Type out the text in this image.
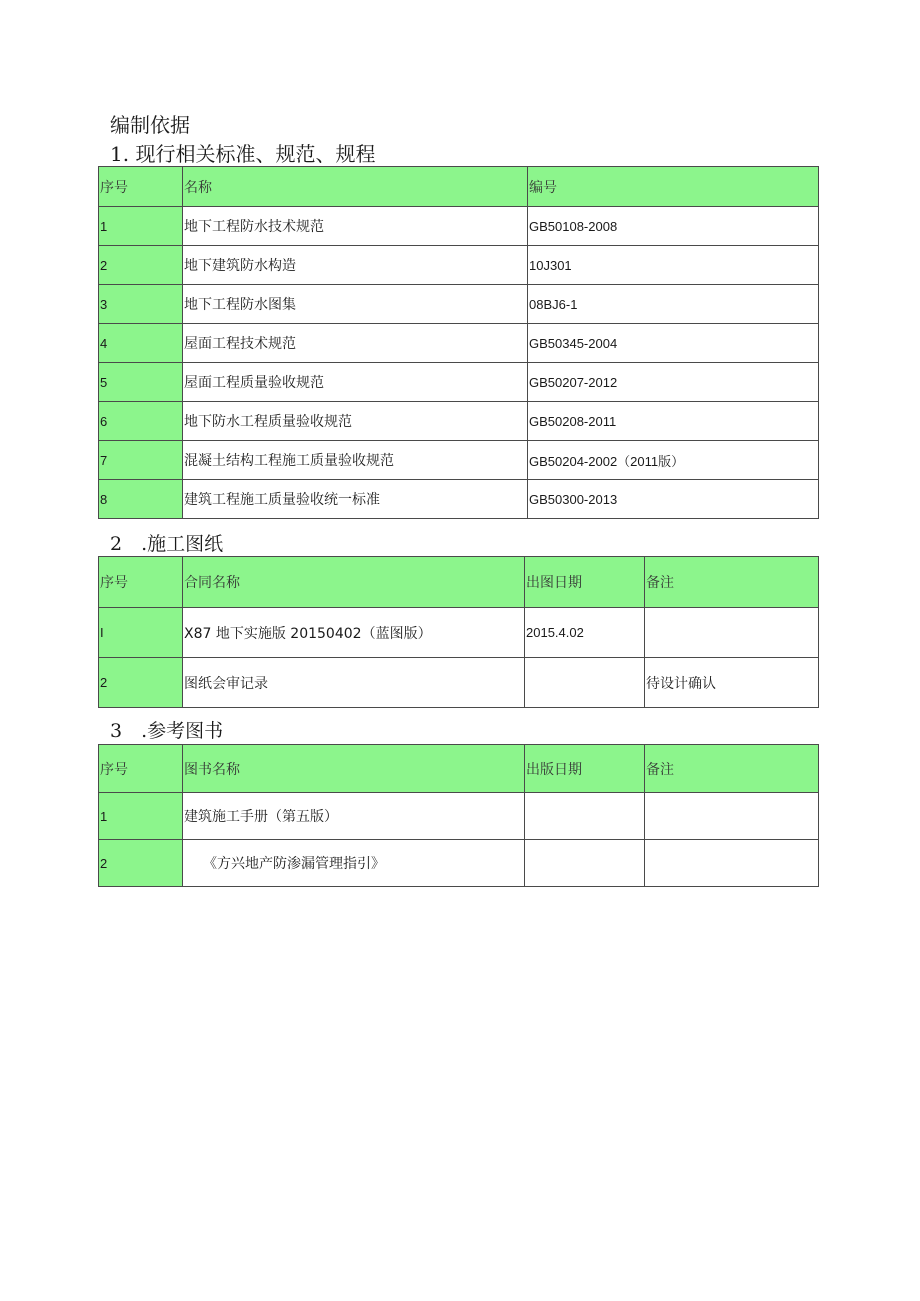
编制依据
1. 现行相关标准、规范、规程
序号	名称	编号
1	地下工程防水技术规范	GB50108-2008
2	地下建筑防水构造	10J301
3	地下工程防水图集	08BJ6-1
4	屋面工程技术规范	GB50345-2004
5	屋面工程质量验收规范	GB50207-2012
6	地下防水工程质量验收规范	GB50208-2011
7	混凝土结构工程施工质量验收规范	GB50204-2002（2011版）
8	建筑工程施工质量验收统一标准	GB50300-2013
2　.施工图纸
序号	合同名称	出图日期	备注
I	X87 地下实施版 20150402（蓝图版）	2015.4.02	
2	图纸会审记录		待设计确认
3　.参考图书
序号	图书名称	出版日期	备注
1	建筑施工手册（第五版）		
2	《方兴地产防渗漏管理指引》		
